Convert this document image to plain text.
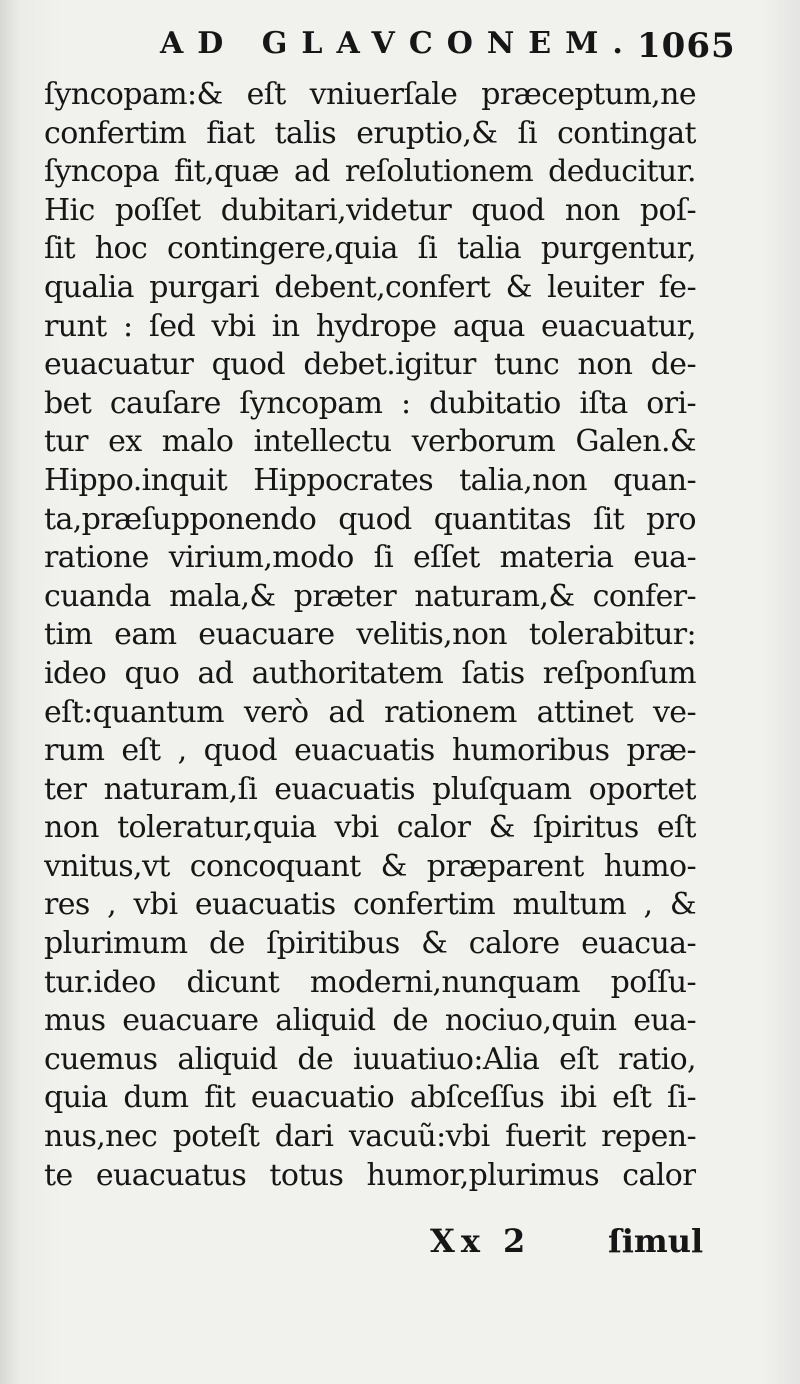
AD GLAVCONEM. 1065
ſyncopam:& eſt vniuerſale præceptum,ne
confertim fiat talis eruptio,& ſi contingat
ſyncopa fit,quæ ad reſolutionem deducitur.
Hic poſſet dubitari,videtur quod non poſ-
ſit hoc contingere,quia ſi talia purgentur,
qualia purgari debent,confert & leuiter fe-
runt : ſed vbi in hydrope aqua euacuatur,
euacuatur quod debet.igitur tunc non de-
bet cauſare ſyncopam : dubitatio iſta ori-
tur ex malo intellectu verborum Galen.&
Hippo.inquit Hippocrates talia,non quan-
ta,præſupponendo quod quantitas ſit pro
ratione virium,modo ſi eſſet materia eua-
cuanda mala,& præter naturam,& confer-
tim eam euacuare velitis,non tolerabitur:
ideo quo ad authoritatem ſatis reſponſum
eſt:quantum verò ad rationem attinet ve-
rum eſt , quod euacuatis humoribus præ-
ter naturam,ſi euacuatis pluſquam oportet
non toleratur,quia vbi calor & ſpiritus eſt
vnitus,vt concoquant & præparent humo-
res , vbi euacuatis confertim multum , &
plurimum de ſpiritibus & calore euacua-
tur.ideo dicunt moderni,nunquam poſſu-
mus euacuare aliquid de nociuo,quin eua-
cuemus aliquid de iuuatiuo:Alia eſt ratio,
quia dum fit euacuatio abſceſſus ibi eſt ſi-
nus,nec poteſt dari vacuũ:vbi fuerit repen-
te euacuatus totus humor,plurimus calor
Xx 2 ſimul
